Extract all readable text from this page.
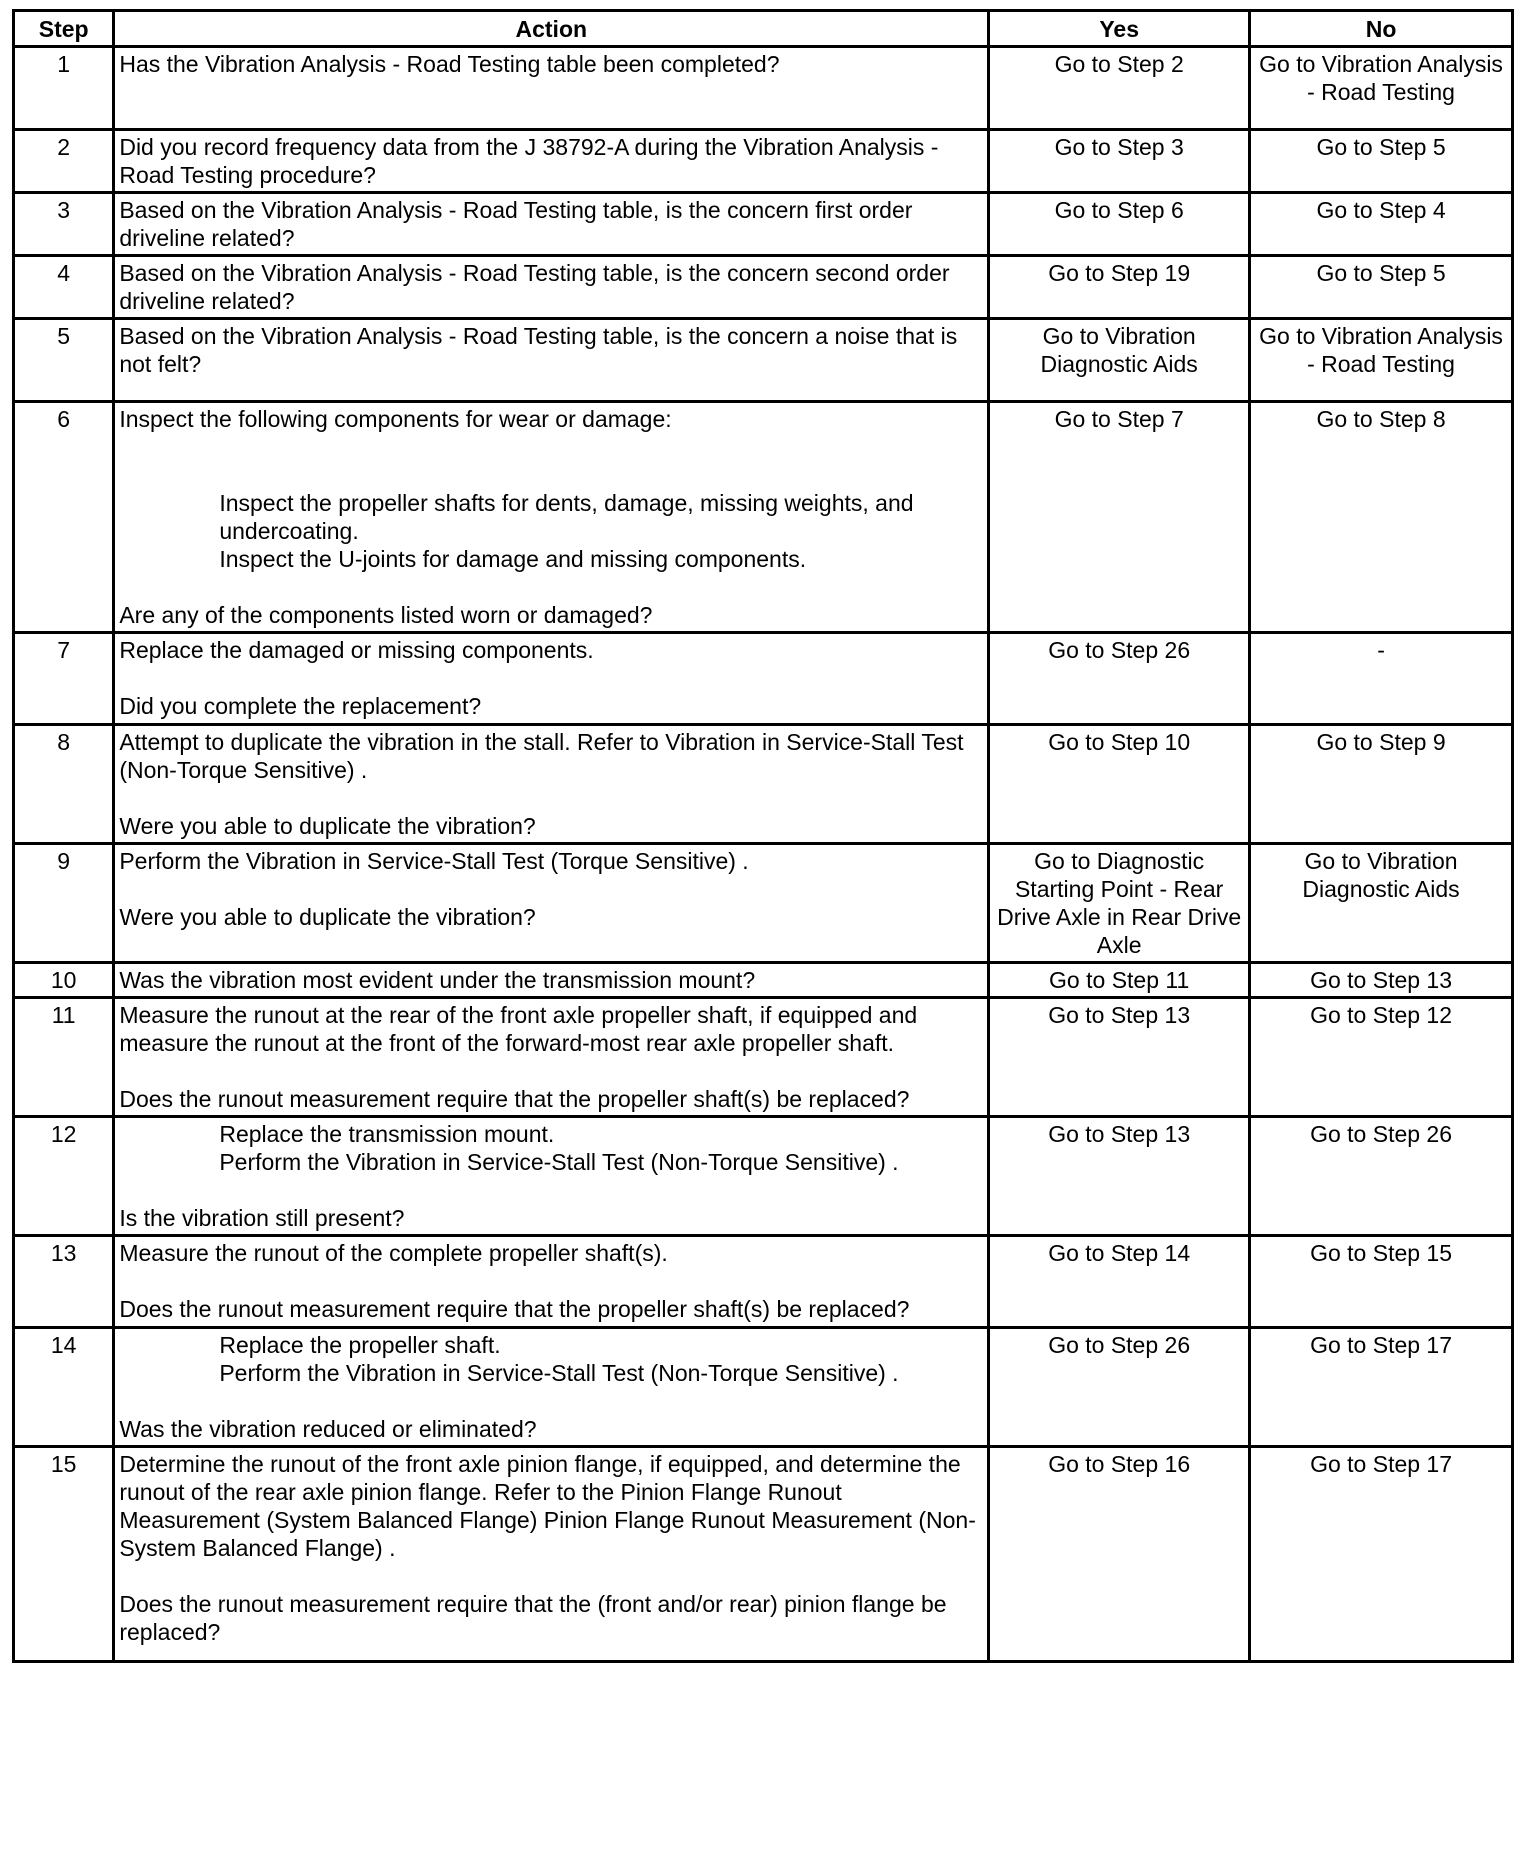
Step	Action	Yes	No
1	Has the Vibration Analysis - Road Testing table been completed?	Go to Step 2	Go to Vibration Analysis - Road Testing
2	Did you record frequency data from the J 38792-A during the Vibration Analysis - Road Testing procedure?	Go to Step 3	Go to Step 5
3	Based on the Vibration Analysis - Road Testing table, is the concern first order driveline related?	Go to Step 6	Go to Step 4
4	Based on the Vibration Analysis - Road Testing table, is the concern second order driveline related?	Go to Step 19	Go to Step 5
5	Based on the Vibration Analysis - Road Testing table, is the concern a noise that is not felt?	Go to Vibration Diagnostic Aids	Go to Vibration Analysis - Road Testing
6	Inspect the following components for wear or damage:
Inspect the propeller shafts for dents, damage, missing weights, and undercoating.
Inspect the U-joints for damage and missing components.
Are any of the components listed worn or damaged?	Go to Step 7	Go to Step 8
7	Replace the damaged or missing components.
Did you complete the replacement?	Go to Step 26	-
8	Attempt to duplicate the vibration in the stall. Refer to Vibration in Service-Stall Test (Non-Torque Sensitive) .
Were you able to duplicate the vibration?	Go to Step 10	Go to Step 9
9	Perform the Vibration in Service-Stall Test (Torque Sensitive) .
Were you able to duplicate the vibration?	Go to Diagnostic Starting Point - Rear Drive Axle in Rear Drive Axle	Go to Vibration Diagnostic Aids
10	Was the vibration most evident under the transmission mount?	Go to Step 11	Go to Step 13
11	Measure the runout at the rear of the front axle propeller shaft, if equipped and measure the runout at the front of the forward-most rear axle propeller shaft.
Does the runout measurement require that the propeller shaft(s) be replaced?	Go to Step 13	Go to Step 12
12	Replace the transmission mount.
Perform the Vibration in Service-Stall Test (Non-Torque Sensitive) .
Is the vibration still present?	Go to Step 13	Go to Step 26
13	Measure the runout of the complete propeller shaft(s).
Does the runout measurement require that the propeller shaft(s) be replaced?	Go to Step 14	Go to Step 15
14	Replace the propeller shaft.
Perform the Vibration in Service-Stall Test (Non-Torque Sensitive) .
Was the vibration reduced or eliminated?	Go to Step 26	Go to Step 17
15	Determine the runout of the front axle pinion flange, if equipped, and determine the runout of the rear axle pinion flange. Refer to the Pinion Flange Runout Measurement (System Balanced Flange) Pinion Flange Runout Measurement (Non-System Balanced Flange) .
Does the runout measurement require that the (front and/or rear) pinion flange be replaced?	Go to Step 16	Go to Step 17
